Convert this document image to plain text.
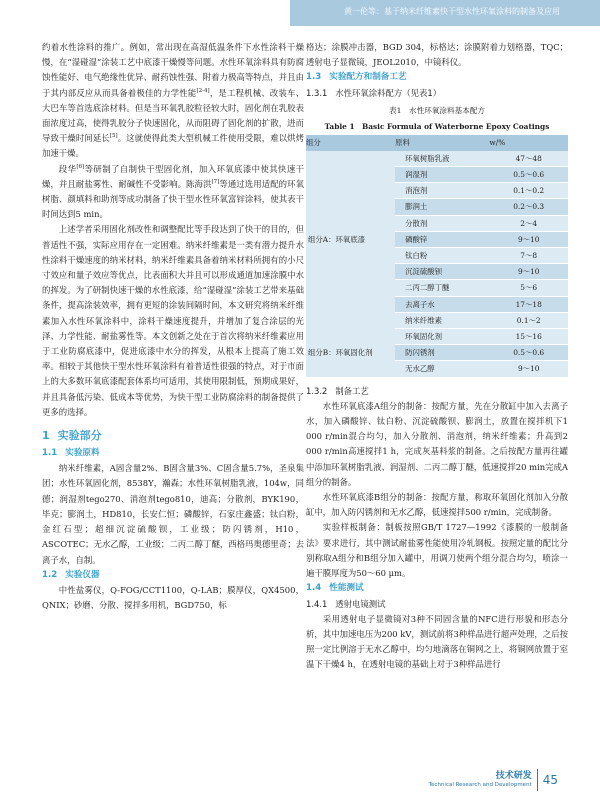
黄一伦等：基于纳米纤维素快干型水性环氧涂料的制备及应用

约着水性涂料的推广。例如，常出现在高湿低温条件下水性涂料干燥慢，在“湿碰湿”涂装工艺中底漆干燥慢等问题。水性环氧涂料具有防腐蚀性能好、电气绝缘性优异、耐药蚀性强、附着力极高等特点，并且由于其内部反应从而具备着极佳的力学性能[2-4]，是工程机械、改装车、大巴车等首选底涂材料。但是当环氧乳胶粒径较大时，固化剂在乳胶表面浓度过高，使得乳胶分子快速固化，从而阻碍了固化剂的扩散，进而导致干燥时间延长[5]。这就使得此类大型机械工件使用受限，难以烘烤加速干燥。

段华[6]等研制了自制快干型固化剂，加入环氧底漆中使其快速干燥，并且耐盐雾性、耐碱性不受影响。陈海洪[7]等通过选用适配的环氧树脂、颜填料和助剂等成功制备了快干型水性环氧富锌涂料，使其表干时间达到5 min。

上述学者采用固化剂改性和调整配比等手段达到了快干的目的，但普适性不强，实际应用存在一定困难。纳米纤维素是一类有潜力提升水性涂料干燥速度的纳米材料，纳米纤维素具备着纳米材料所拥有的小尺寸效应和量子效应等优点，比表面积大并且可以形成通道加速涂膜中水的挥发。为了研制快速干燥的水性底漆，给“湿碰湿”涂装工艺带来基础条件，提高涂装效率，拥有更短的涂装间隔时间，本文研究将纳米纤维素加入水性环氧涂料中，涂料干燥速度提升，并增加了复合涂层的光泽、力学性能、耐盐雾性等。本文创新之处在于首次将纳米纤维素应用于工业防腐底漆中，促进底漆中水分的挥发，从根本上提高了施工效率。相较于其他快干型水性环氧涂料有着普适性很强的特点，对于市面上的大多数环氧底漆配套体系均可适用，其使用限制低，预期成果好，并且具备低污染、低成本等优势，为快干型工业防腐涂料的制备提供了更多的选择。

1 实验部分
1.1 实验原料

纳米纤维素，A固含量2%、B固含量3%、C固含量5.7%，圣泉集团；水性环氧固化剂，8538Y，瀚森；水性环氧树脂乳液，104w，同德；润湿剂tego270、消泡剂tego810，迪高；分散剂，BYK190，毕克；膨润土，HD810，长安仁恒；磷酸锌，石家庄鑫盛；钛白粉，金红石型；超细沉淀硫酸钡，工业级；防闪锈剂，H10，ASCOTEC；无水乙醇，工业级；二丙二醇丁醚，西格玛奥德里奇；去离子水，自制。

1.2 实验仪器

中性盐雾仪，Q-FOG/CCT1100，Q-LAB；膜厚仪，QX4500，QNIX；砂磨、分散、搅拌多用机，BGD750，标

格达；涂膜冲击器，BGD 304，标格达；涂膜附着力划格器，TQC；透射电子显微镜，JEOL2010，中镜科仪。

1.3 实验配方和制备工艺
1.3.1 水性环氧涂料配方（见表1）
表1　水性环氧涂料基本配方
Table 1　Basic Formula of Waterborne Epoxy Coatings
组分	原料	w/%
组分A：环氧底漆	环氧树脂乳液	47～48
	润湿剂	0.5～0.6
	消泡剂	0.1～0.2
	膨润土	0.2～0.3
	分散剂	2～4
	磷酸锌	9～10
	钛白粉	7～8
	沉淀硫酸钡	9～10
	二丙二醇丁醚	5～6
	去离子水	17～18
	纳米纤维素	0.1～2
组分B：环氧固化剂	环氧固化剂	15～16
	防闪锈剂	0.5～0.6
	无水乙醇	9～10
1.3.2 制备工艺

水性环氧底漆A组分的制备：按配方量，先在分散缸中加入去离子水，加入磷酸锌、钛白粉、沉淀硫酸钡、膨润土，放置在搅拌机下1 000 r/min混合均匀，加入分散剂、消泡剂，纳米纤维素；升高到2 000 r/min高速搅拌1 h，完成灰基料浆的制备。之后按配方量再往罐中添加环氧树脂乳液、润湿剂、二丙二醇丁醚，低速搅拌20 min完成A组分的制备。

水性环氧底漆B组分的制备：按配方量，称取环氧固化剂加入分散缸中，加入防闪锈剂和无水乙醇，低速搅拌500 r/min，完成制备。

实验样板制备：制板按照GB/T 1727—1992《漆膜的一般制备法》要求进行，其中测试耐盐雾性能使用冷轧钢板。按照定量的配比分别称取A组分和B组分加入罐中，用调刀使两个组分混合均匀，喷涂一遍干膜厚度为50～60 μm。

1.4 性能测试
1.4.1 透射电镜测试

采用透射电子显微镜对3种不同固含量的NFC进行形貌和形态分析，其中加速电压为200 kV，测试前将3种样品进行超声处理，之后按照一定比例溶于无水乙醇中，均匀地滴落在铜网之上，将铜网放置于室温下干燥4 h，在透射电镜的基础上对于3种样品进行

技术研发
Technical Research and Development 45
